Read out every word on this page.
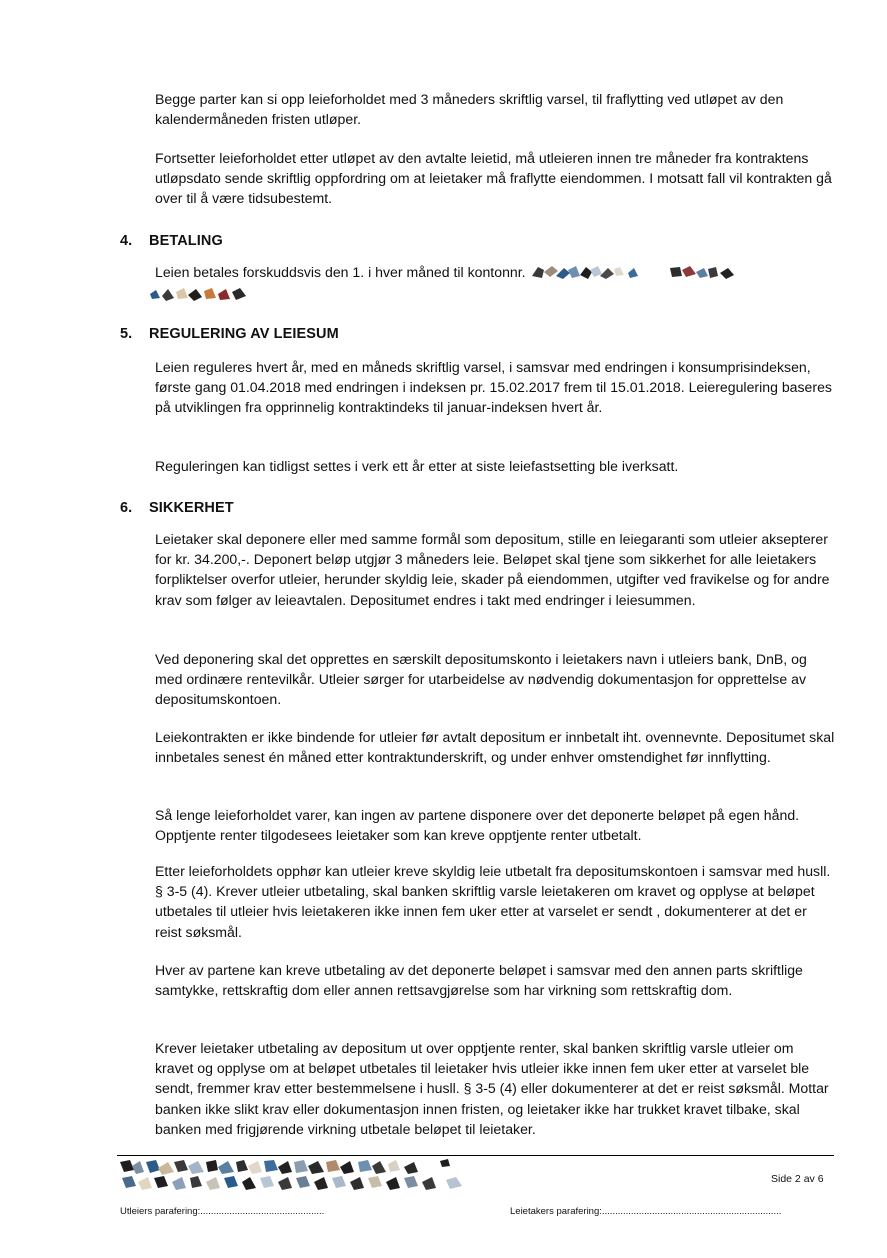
Begge parter kan si opp leieforholdet med 3 måneders skriftlig varsel, til fraflytting ved utløpet av den kalendermåneden fristen utløper.

Fortsetter leieforholdet etter utløpet av den avtalte leietid, må utleieren innen tre måneder fra kontraktens utløpsdato sende skriftlig oppfordring om at leietaker må fraflytte eiendommen. I motsatt fall vil kontrakten gå over til å være tidsubestemt.

4. BETALING

Leien betales forskuddsvis den 1. i hver måned til kontonnr.

5. REGULERING AV LEIESUM

Leien reguleres hvert år, med en måneds skriftlig varsel, i samsvar med endringen i konsumprisindeksen, første gang 01.04.2018 med endringen i indeksen pr. 15.02.2017 frem til 15.01.2018. Leieregulering baseres på utviklingen fra opprinnelig kontraktindeks til januar-indeksen hvert år.

Reguleringen kan tidligst settes i verk ett år etter at siste leiefastsetting ble iverksatt.

6. SIKKERHET

Leietaker skal deponere eller med samme formål som depositum, stille en leiegaranti som utleier aksepterer for kr. 34.200,-. Deponert beløp utgjør 3 måneders leie. Beløpet skal tjene som sikkerhet for alle leietakers forpliktelser overfor utleier, herunder skyldig leie, skader på eiendommen, utgifter ved fravikelse og for andre krav som følger av leieavtalen. Depositumet endres i takt med endringer i leiesummen.

Ved deponering skal det opprettes en særskilt depositumskonto i leietakers navn i utleiers bank, DnB, og med ordinære rentevilkår. Utleier sørger for utarbeidelse av nødvendig dokumentasjon for opprettelse av depositumskontoen.

Leiekontrakten er ikke bindende for utleier før avtalt depositum er innbetalt iht. ovennevnte. Depositumet skal innbetales senest én måned etter kontraktunderskrift, og under enhver omstendighet før innflytting.

Så lenge leieforholdet varer, kan ingen av partene disponere over det deponerte beløpet på egen hånd. Opptjente renter tilgodesees leietaker som kan kreve opptjente renter utbetalt.

Etter leieforholdets opphør kan utleier kreve skyldig leie utbetalt fra depositumskontoen i samsvar med husll. § 3-5 (4). Krever utleier utbetaling, skal banken skriftlig varsle leietakeren om kravet og opplyse at beløpet utbetales til utleier hvis leietakeren ikke innen fem uker etter at varselet er sendt , dokumenterer at det er reist søksmål.

Hver av partene kan kreve utbetaling av det deponerte beløpet i samsvar med den annen parts skriftlige samtykke, rettskraftig dom eller annen rettsavgjørelse som har virkning som rettskraftig dom.

Krever leietaker utbetaling av depositum ut over opptjente renter, skal banken skriftlig varsle utleier om kravet og opplyse om at beløpet utbetales til leietaker hvis utleier ikke innen fem uker etter at varselet ble sendt, fremmer krav etter bestemmelsene i husll. § 3-5 (4) eller dokumenterer at det er reist søksmål. Mottar banken ikke slikt krav eller dokumentasjon innen fristen, og leietaker ikke har trukket kravet tilbake, skal banken med frigjørende virkning utbetale beløpet til leietaker.

Side 2 av 6
Utleiers parafering:...............................................	Leietakers parafering:....................................................................
